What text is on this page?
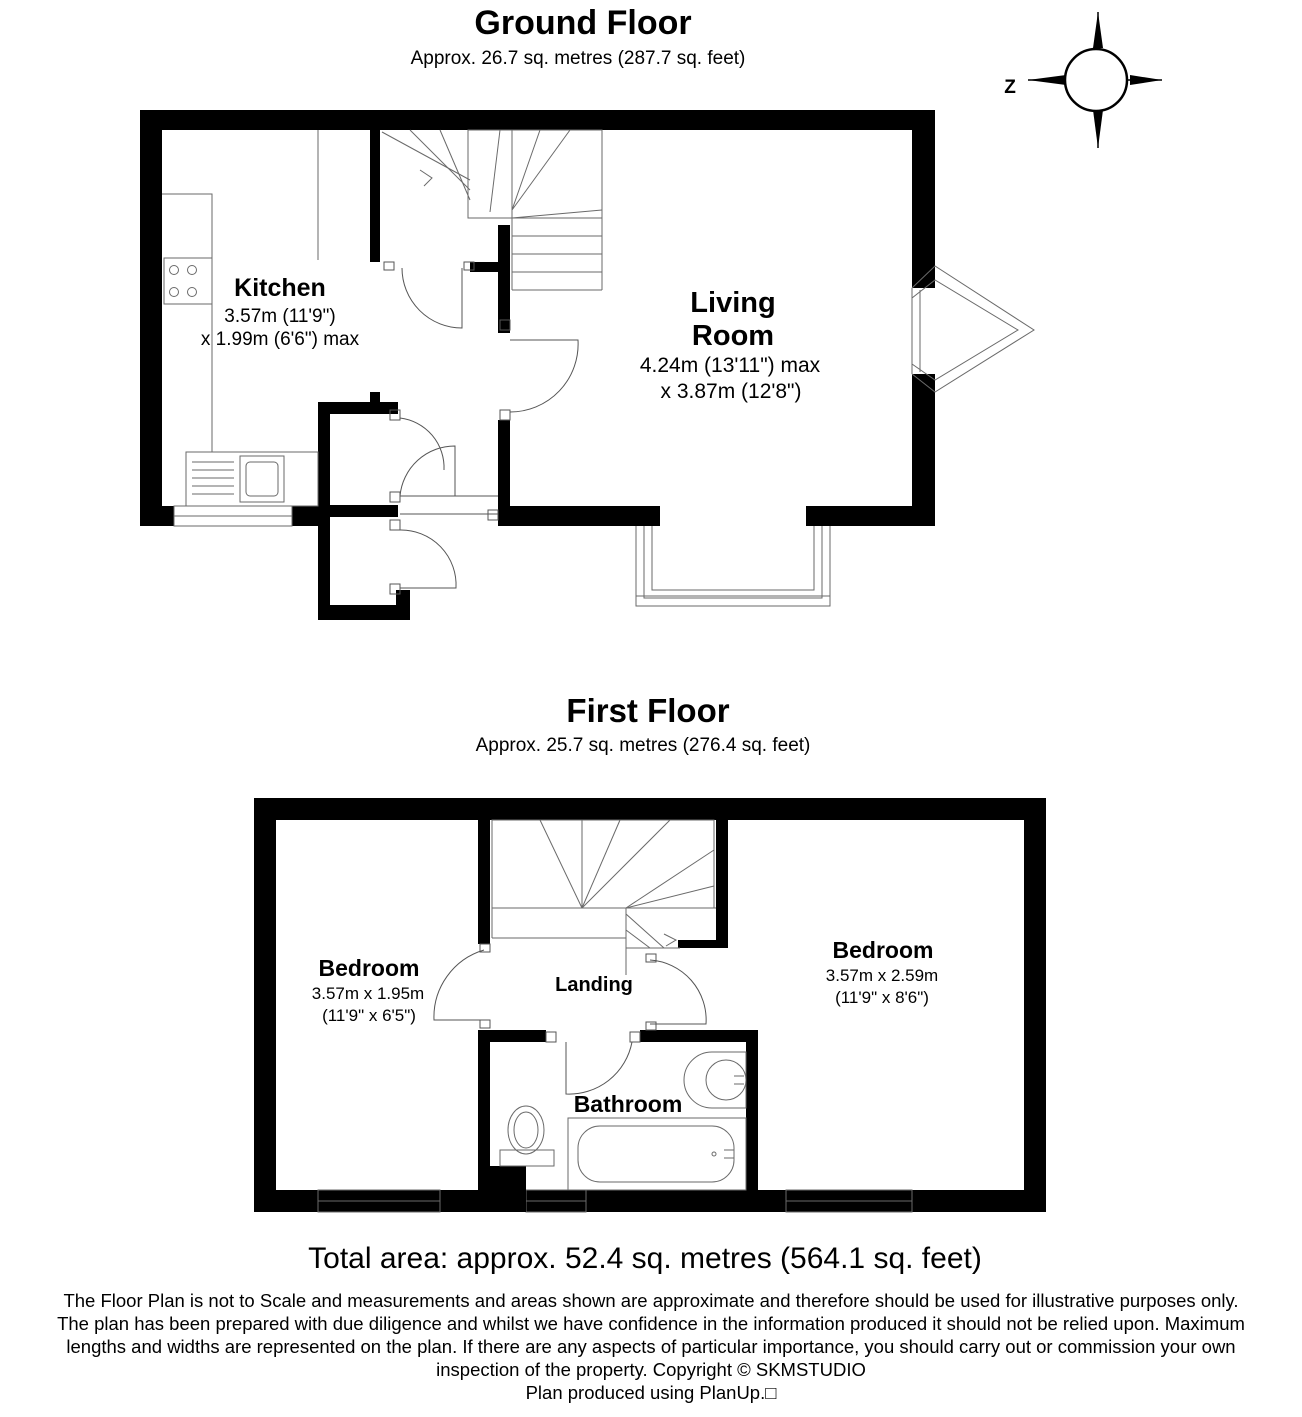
Ground Floor
Approx. 26.7 sq. metres (287.7 sq. feet)
Z
Kitchen
3.57m (11'9")
x 1.99m (6'6") max
Living
Room
4.24m (13'11") max
x 3.87m (12'8")
First Floor
Approx. 25.7 sq. metres (276.4 sq. feet)
Bedroom
3.57m x 1.95m
(11'9" x 6'5")
Landing
Bathroom
Bedroom
3.57m x 2.59m
(11'9" x 8'6")
Total area: approx. 52.4 sq. metres (564.1 sq. feet)
The Floor Plan is not to Scale and measurements and areas shown are approximate and therefore should be used for illustrative purposes only.
The plan has been prepared with due diligence and whilst we have confidence in the information produced it should not be relied upon. Maximum
lengths and widths are represented on the plan. If there are any aspects of particular importance, you should carry out or commission your own
inspection of the property. Copyright © SKMSTUDIO
Plan produced using PlanUp.□
